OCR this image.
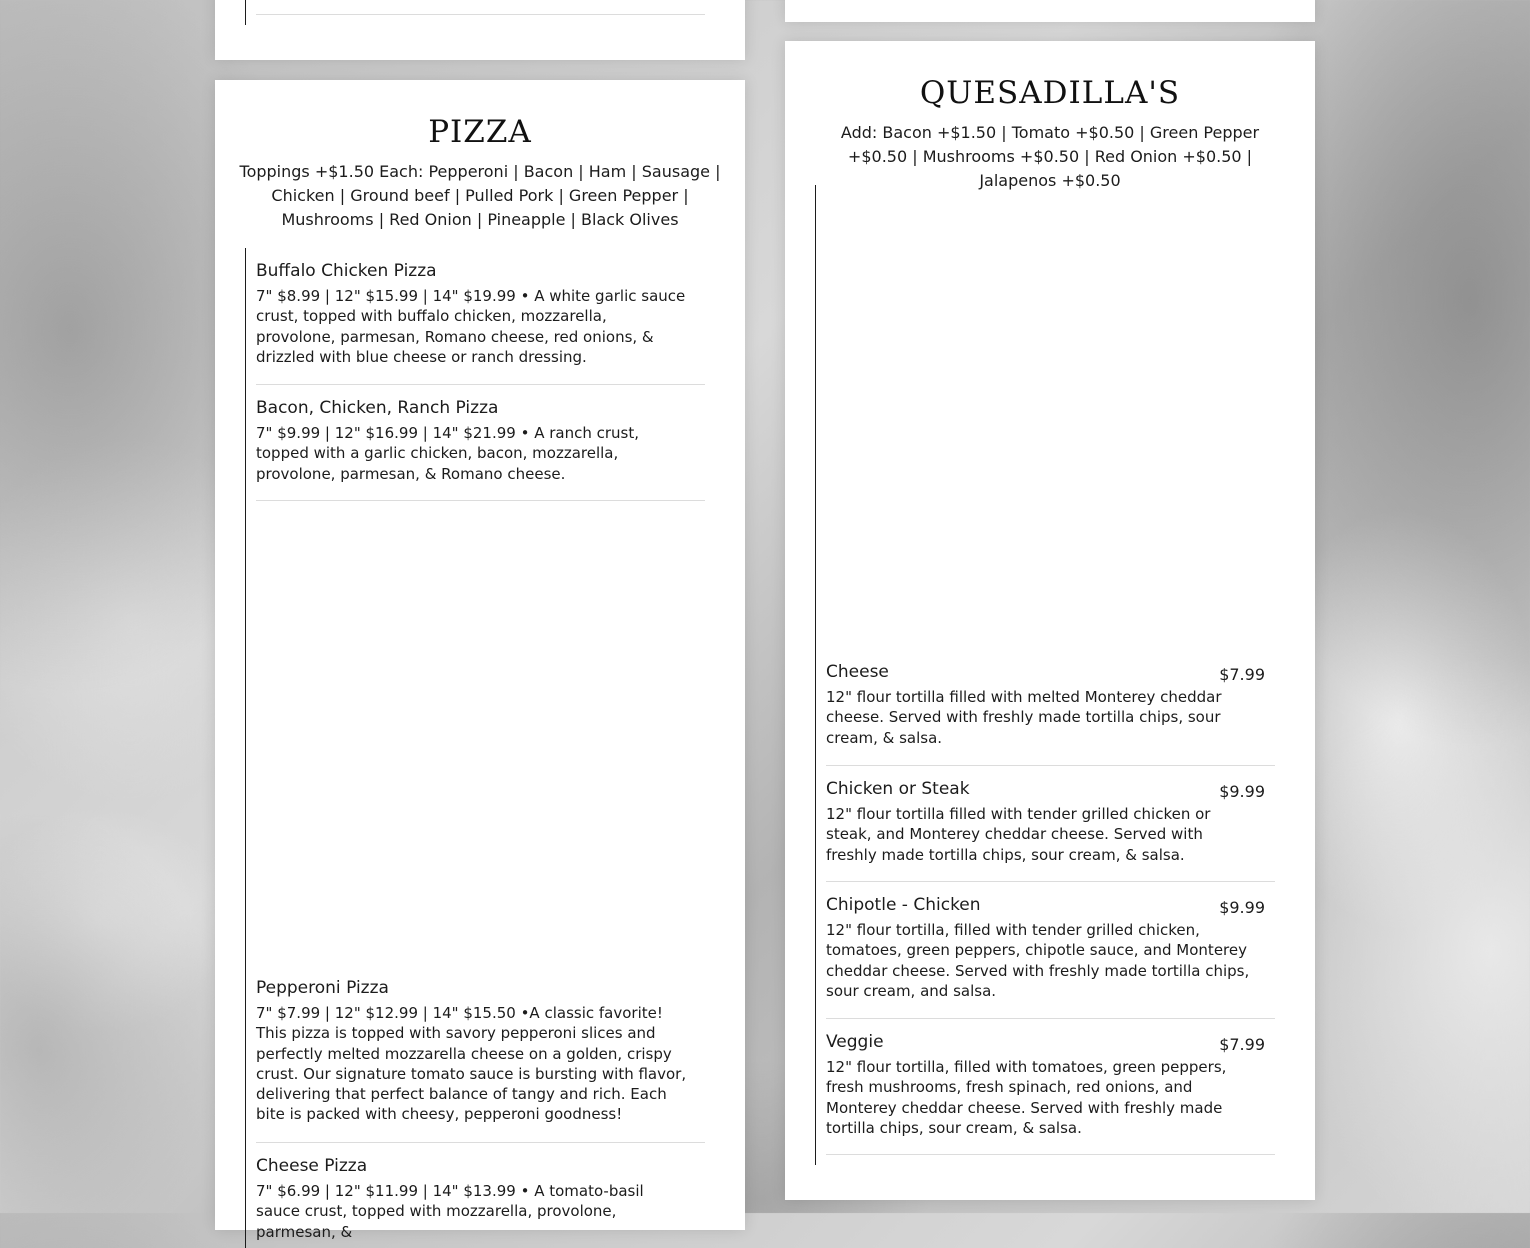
PIZZA
Toppings +$1.50 Each: Pepperoni | Bacon | Ham | Sausage | Chicken | Ground beef | Pulled Pork | Green Pepper | Mushrooms | Red Onion | Pineapple | Black Olives
Buffalo Chicken Pizza
7" $8.99 | 12" $15.99 | 14" $19.99 • A white garlic sauce crust, topped with buffalo chicken, mozzarella, provolone, parmesan, Romano cheese, red onions, & drizzled with blue cheese or ranch dressing.
Bacon, Chicken, Ranch Pizza
7" $9.99 | 12" $16.99 | 14" $21.99 • A ranch crust, topped with a garlic chicken, bacon, mozzarella, provolone, parmesan, & Romano cheese.
Pepperoni Pizza
7" $7.99 | 12" $12.99 | 14" $15.50 •A classic favorite! This pizza is topped with savory pepperoni slices and perfectly melted mozzarella cheese on a golden, crispy crust. Our signature tomato sauce is bursting with flavor, delivering that perfect balance of tangy and rich. Each bite is packed with cheesy, pepperoni goodness!
Cheese Pizza
7" $6.99 | 12" $11.99 | 14" $13.99 • A tomato-basil sauce crust, topped with mozzarella, provolone, parmesan, &
QUESADILLA'S
Add: Bacon +$1.50 | Tomato +$0.50 | Green Pepper +$0.50 | Mushrooms +$0.50 | Red Onion +$0.50 | Jalapenos +$0.50
Cheese
12" flour tortilla filled with melted Monterey cheddar cheese. Served with freshly made tortilla chips, sour cream, & salsa.
$7.99
Chicken or Steak
12" flour tortilla filled with tender grilled chicken or steak, and Monterey cheddar cheese. Served with freshly made tortilla chips, sour cream, & salsa.
$9.99
Chipotle - Chicken
12" flour tortilla, filled with tender grilled chicken, tomatoes, green peppers, chipotle sauce, and Monterey cheddar cheese. Served with freshly made tortilla chips, sour cream, and salsa.
$9.99
Veggie
12" flour tortilla, filled with tomatoes, green peppers, fresh mushrooms, fresh spinach, red onions, and Monterey cheddar cheese. Served with freshly made tortilla chips, sour cream, & salsa.
$7.99
